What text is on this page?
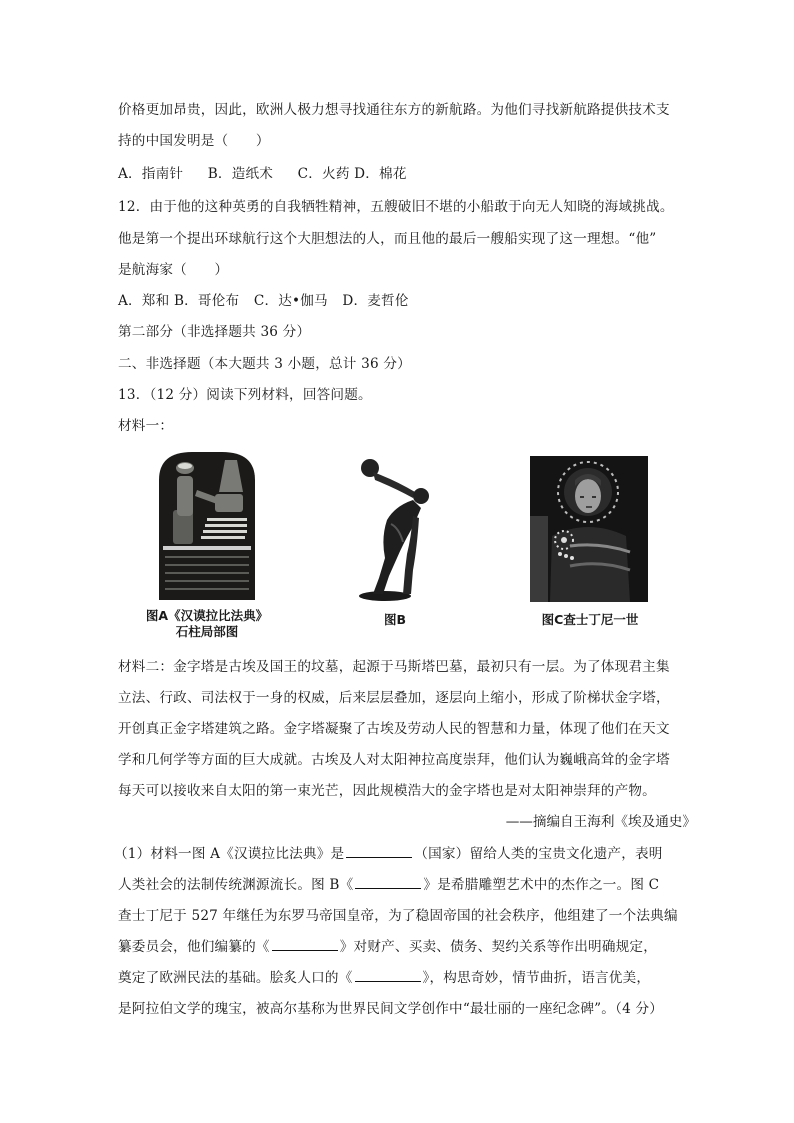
价格更加昂贵，因此，欧洲人极力想寻找通往东方的新航路。为他们寻找新航路提供技术支
持的中国发明是（　　）
A．指南针 B．造纸术 C．火药 D．棉花
12．由于他的这种英勇的自我牺牲精神，五艘破旧不堪的小船敢于向无人知晓的海域挑战。
他是第一个提出环球航行这个大胆想法的人，而且他的最后一艘船实现了这一理想。“他”
是航海家（　　）
A．郑和 B．哥伦布 C．达•伽马 D．麦哲伦
第二部分（非选择题共 36 分）
二、非选择题（本大题共 3 小题，总计 36 分）
13．（12 分）阅读下列材料，回答问题。
材料一：
图A《汉谟拉比法典》
石柱局部图
图B	图C查士丁尼一世
材料二：金字塔是古埃及国王的坟墓，起源于马斯塔巴墓，最初只有一层。为了体现君主集
立法、行政、司法权于一身的权威，后来层层叠加，逐层向上缩小，形成了阶梯状金字塔，
开创真正金字塔建筑之路。金字塔凝聚了古埃及劳动人民的智慧和力量，体现了他们在天文
学和几何学等方面的巨大成就。古埃及人对太阳神拉高度崇拜，他们认为巍峨高耸的金字塔
每天可以接收来自太阳的第一束光芒，因此规模浩大的金字塔也是对太阳神崇拜的产物。
——摘编自王海利《埃及通史》
（1）材料一图 A《汉谟拉比法典》是	（国家）留给人类的宝贵文化遗产，表明
人类社会的法制传统渊源流长。图 B《	》是希腊雕塑艺术中的杰作之一。图 C
查士丁尼于 527 年继任为东罗马帝国皇帝，为了稳固帝国的社会秩序，他组建了一个法典编
纂委员会，他们编纂的《	》对财产、买卖、债务、契约关系等作出明确规定，
奠定了欧洲民法的基础。脍炙人口的《	》，构思奇妙，情节曲折，语言优美，
是阿拉伯文学的瑰宝，被高尔基称为世界民间文学创作中“最壮丽的一座纪念碑”。（4 分）
